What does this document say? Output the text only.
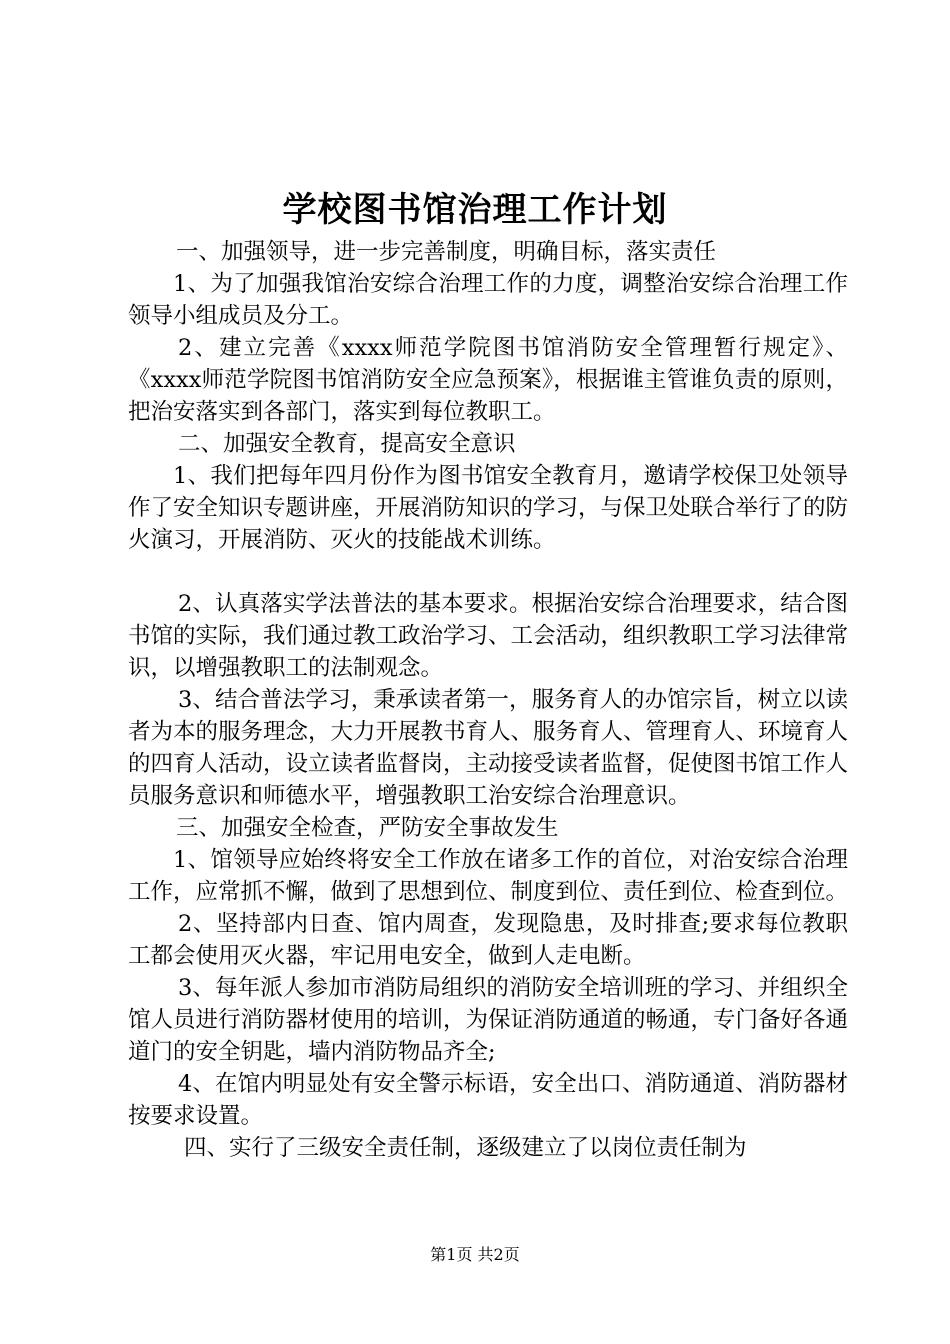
学校图书馆治理工作计划

一、加强领导，进一步完善制度，明确目标，落实责任

1、为了加强我馆治安综合治理工作的力度，调整治安综合治理工作领导小组成员及分工。

2、建立完善《xxxx师范学院图书馆消防安全管理暂行规定》、《xxxx师范学院图书馆消防安全应急预案》，根据谁主管谁负责的原则，把治安落实到各部门，落实到每位教职工。

二、加强安全教育，提高安全意识

1、我们把每年四月份作为图书馆安全教育月，邀请学校保卫处领导作了安全知识专题讲座，开展消防知识的学习，与保卫处联合举行了的防火演习，开展消防、灭火的技能战术训练。

2、认真落实学法普法的基本要求。根据治安综合治理要求，结合图书馆的实际，我们通过教工政治学习、工会活动，组织教职工学习法律常识，以增强教职工的法制观念。

3、结合普法学习，秉承读者第一，服务育人的办馆宗旨，树立以读者为本的服务理念，大力开展教书育人、服务育人、管理育人、环境育人的四育人活动，设立读者监督岗，主动接受读者监督，促使图书馆工作人员服务意识和师德水平，增强教职工治安综合治理意识。

三、加强安全检查，严防安全事故发生

1、馆领导应始终将安全工作放在诸多工作的首位，对治安综合治理工作，应常抓不懈，做到了思想到位、制度到位、责任到位、检查到位。

2、坚持部内日查、馆内周查，发现隐患，及时排查;要求每位教职工都会使用灭火器，牢记用电安全，做到人走电断。

3、每年派人参加市消防局组织的消防安全培训班的学习、并组织全馆人员进行消防器材使用的培训，为保证消防通道的畅通，专门备好各通道门的安全钥匙，墙内消防物品齐全;

4、在馆内明显处有安全警示标语，安全出口、消防通道、消防器材按要求设置。

四、实行了三级安全责任制，逐级建立了以岗位责任制为

第1页 共2页
